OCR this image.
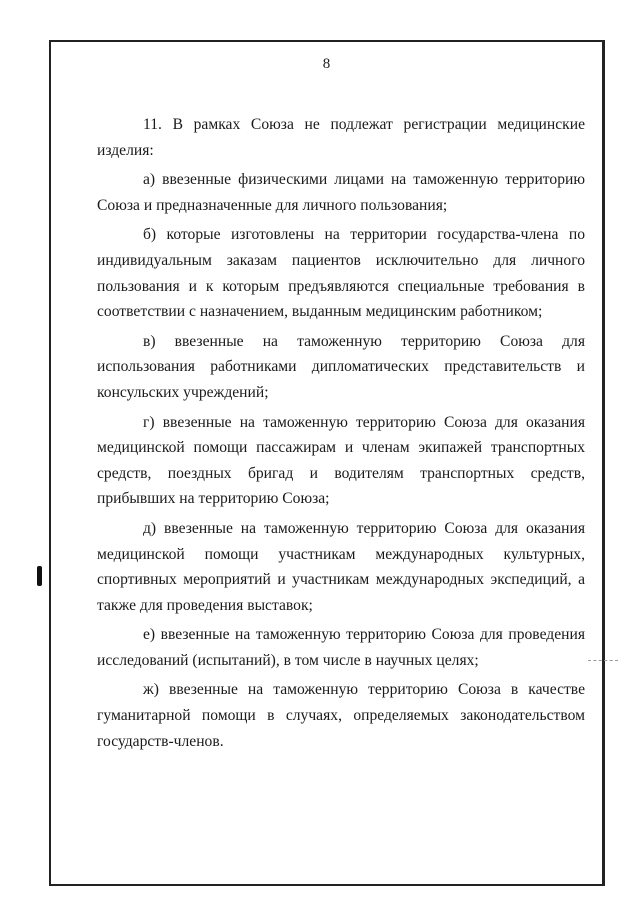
8

11. В рамках Союза не подлежат регистрации медицинские изделия:

а) ввезенные физическими лицами на таможенную территорию Союза и предназначенные для личного пользования;

б) которые изготовлены на территории государства-члена по индивидуальным заказам пациентов исключительно для личного пользования и к которым предъявляются специальные требования в соответствии с назначением, выданным медицинским работником;

в) ввезенные на таможенную территорию Союза для использования работниками дипломатических представительств и консульских учреждений;

г) ввезенные на таможенную территорию Союза для оказания медицинской помощи пассажирам и членам экипажей транспортных средств, поездных бригад и водителям транспортных средств, прибывших на территорию Союза;

д) ввезенные на таможенную территорию Союза для оказания медицинской помощи участникам международных культурных, спортивных мероприятий и участникам международных экспедиций, а также для проведения выставок;

е) ввезенные на таможенную территорию Союза для проведения исследований (испытаний), в том числе в научных целях;

ж) ввезенные на таможенную территорию Союза в качестве гуманитарной помощи в случаях, определяемых законодательством государств-членов.
